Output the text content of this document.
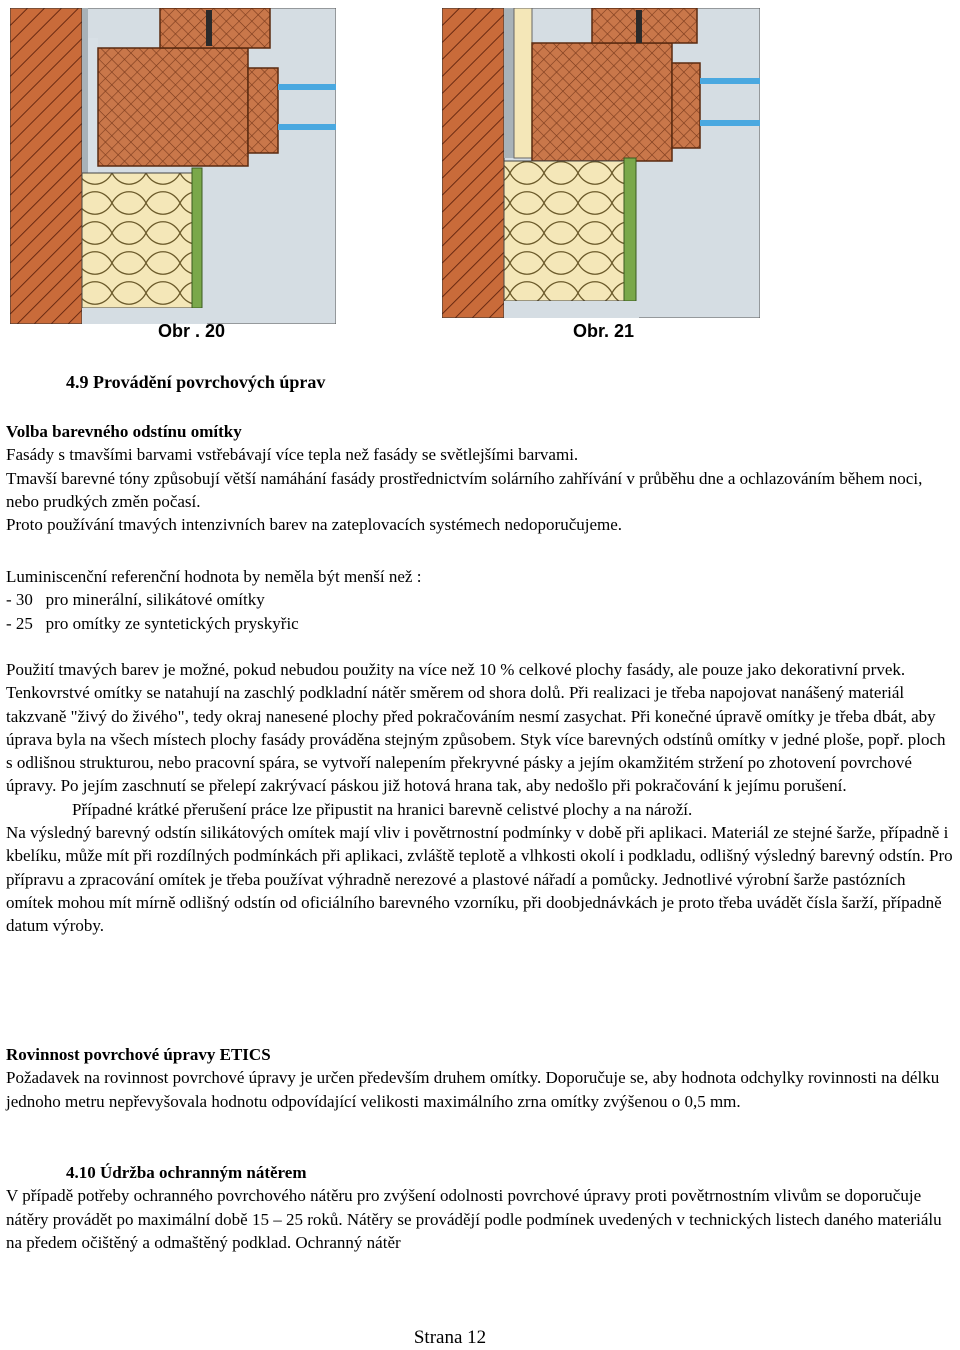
Obr . 20	Obr. 21

4.9 Provádění povrchových úprav

Volba barevného odstínu omítky

Fasády s tmavšími barvami vstřebávají více tepla než fasády se světlejšími barvami.

Tmavší barevné tóny způsobují větší namáhání fasády prostřednictvím solárního zahřívání v průběhu dne a ochlazováním během noci, nebo prudkých změn počasí.

Proto používání tmavých intenzivních barev na zateplovacích systémech nedoporučujeme.

Luminiscenční referenční hodnota by neměla být menší než :

- 30   pro minerální, silikátové omítky

- 25   pro omítky ze syntetických pryskyřic

Použití tmavých barev je možné, pokud nebudou použity na více než 10 % celkové plochy fasády, ale pouze jako dekorativní prvek. Tenkovrstvé omítky se natahují na zaschlý podkladní nátěr směrem od shora dolů. Při realizaci je třeba napojovat nanášený materiál takzvaně "živý do živého", tedy okraj nanesené plochy před pokračováním nesmí zasychat. Při konečné úpravě omítky je třeba dbát, aby úprava byla na všech místech plochy fasády prováděna stejným způsobem. Styk více barevných odstínů omítky v jedné ploše, popř. ploch s odlišnou strukturou, nebo pracovní spára, se vytvoří nalepením překryvné pásky a jejím okamžitém stržení po zhotovení povrchové úpravy. Po jejím zaschnutí se přelepí zakrývací páskou již hotová hrana tak, aby nedošlo při pokračování k jejímu porušení.

Případné krátké přerušení práce lze připustit na hranici barevně celistvé plochy a na nároží.

Na výsledný barevný odstín silikátových omítek mají vliv i povětrnostní podmínky v době při aplikaci. Materiál ze stejné šarže, případně i kbelíku, může mít při rozdílných podmínkách při aplikaci, zvláště teplotě a vlhkosti okolí i podkladu, odlišný výsledný barevný odstín. Pro přípravu a zpracování omítek je třeba používat výhradně nerezové a plastové nářadí a pomůcky. Jednotlivé výrobní šarže pastózních omítek mohou mít mírně odlišný odstín od oficiálního barevného vzorníku, při doobjednávkách je proto třeba uvádět čísla šarží, případně datum výroby.

Rovinnost povrchové úpravy ETICS

Požadavek na rovinnost povrchové úpravy je určen především druhem omítky. Doporučuje se, aby hodnota odchylky rovinnosti na délku jednoho metru nepřevyšovala hodnotu odpovídající velikosti maximálního zrna omítky zvýšenou o 0,5 mm.

4.10 Údržba ochranným nátěrem

V případě potřeby ochranného povrchového nátěru pro zvýšení odolnosti povrchové úpravy proti povětrnostním vlivům se doporučuje nátěry provádět po maximální době 15 – 25 roků. Nátěry se provádějí podle podmínek uvedených v technických listech daného materiálu na předem očištěný a odmaštěný podklad. Ochranný nátěr

Strana 12
